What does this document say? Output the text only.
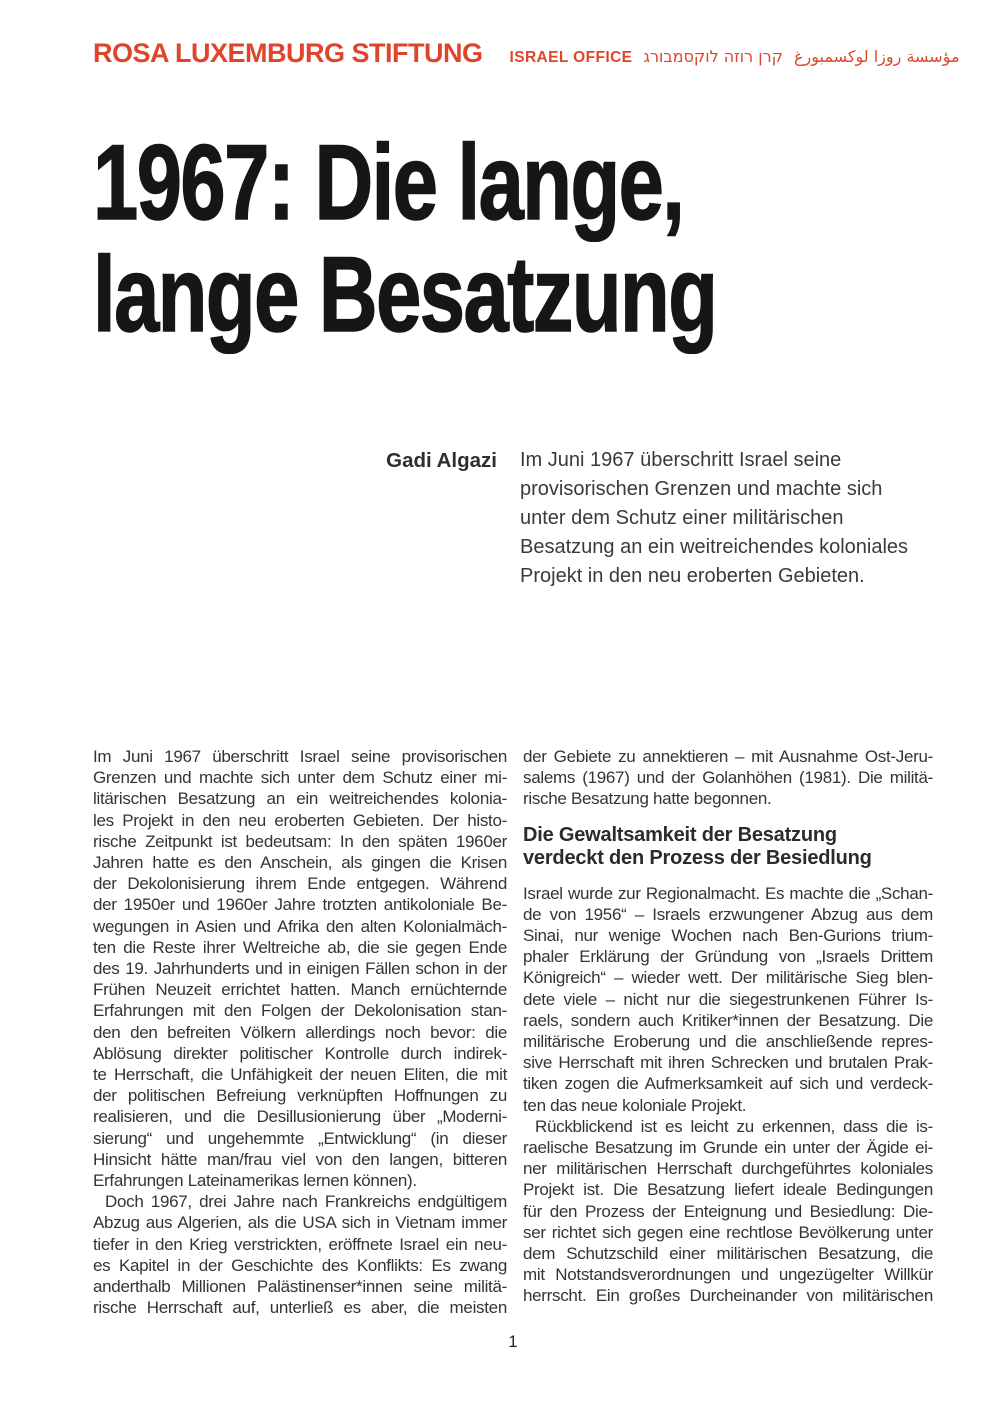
ROSA LUXEMBURG STIFTUNG ISRAEL OFFICE קרן רוזה לוקסמבורג مؤسسة روزا لوكسمبورغ
1967: Die lange,
lange Besatzung
Gadi Algazi Im Juni 1967 überschritt Israel seine
provisorischen Grenzen und machte sich
unter dem Schutz einer militärischen
Besatzung an ein weitreichendes koloniales
Projekt in den neu eroberten Gebieten.
Im Juni 1967 überschritt Israel seine provisorischen
Grenzen und machte sich unter dem Schutz einer mi-
litärischen Besatzung an ein weitreichendes kolonia-
les Projekt in den neu eroberten Gebieten. Der histo-
rische Zeitpunkt ist bedeutsam: In den späten 1960er
Jahren hatte es den Anschein, als gingen die Krisen
der Dekolonisierung ihrem Ende entgegen. Während
der 1950er und 1960er Jahre trotzten antikoloniale Be-
wegungen in Asien und Afrika den alten Kolonialmäch-
ten die Reste ihrer Weltreiche ab, die sie gegen Ende
des 19. Jahrhunderts und in einigen Fällen schon in der
Frühen Neuzeit errichtet hatten. Manch ernüchternde
Erfahrungen mit den Folgen der Dekolonisation stan-
den den befreiten Völkern allerdings noch bevor: die
Ablösung direkter politischer Kontrolle durch indirek-
te Herrschaft, die Unfähigkeit der neuen Eliten, die mit
der politischen Befreiung verknüpften Hoffnungen zu
realisieren, und die Desillusionierung über „Moderni-
sierung“ und ungehemmte „Entwicklung“ (in dieser
Hinsicht hätte man/frau viel von den langen, bitteren
Erfahrungen Lateinamerikas lernen können).
Doch 1967, drei Jahre nach Frankreichs endgültigem
Abzug aus Algerien, als die USA sich in Vietnam immer
tiefer in den Krieg verstrickten, eröffnete Israel ein neu-
es Kapitel in der Geschichte des Konflikts: Es zwang
anderthalb Millionen Palästinenser*innen seine militä-
rische Herrschaft auf, unterließ es aber, die meisten
der Gebiete zu annektieren – mit Ausnahme Ost-Jeru-
salems (1967) und der Golanhöhen (1981). Die militä-
rische Besatzung hatte begonnen.
Die Gewaltsamkeit der Besatzung
verdeckt den Prozess der Besiedlung
Israel wurde zur Regionalmacht. Es machte die „Schan-
de von 1956“ – Israels erzwungener Abzug aus dem
Sinai, nur wenige Wochen nach Ben-Gurions trium-
phaler Erklärung der Gründung von „Israels Drittem
Königreich“ – wieder wett. Der militärische Sieg blen-
dete viele – nicht nur die siegestrunkenen Führer Is-
raels, sondern auch Kritiker*innen der Besatzung. Die
militärische Eroberung und die anschließende repres-
sive Herrschaft mit ihren Schrecken und brutalen Prak-
tiken zogen die Aufmerksamkeit auf sich und verdeck-
ten das neue koloniale Projekt.
Rückblickend ist es leicht zu erkennen, dass die is-
raelische Besatzung im Grunde ein unter der Ägide ei-
ner militärischen Herrschaft durchgeführtes koloniales
Projekt ist. Die Besatzung liefert ideale Bedingungen
für den Prozess der Enteignung und Besiedlung: Die-
ser richtet sich gegen eine rechtlose Bevölkerung unter
dem Schutzschild einer militärischen Besatzung, die
mit Notstandsverordnungen und ungezügelter Willkür
herrscht. Ein großes Durcheinander von militärischen
1
